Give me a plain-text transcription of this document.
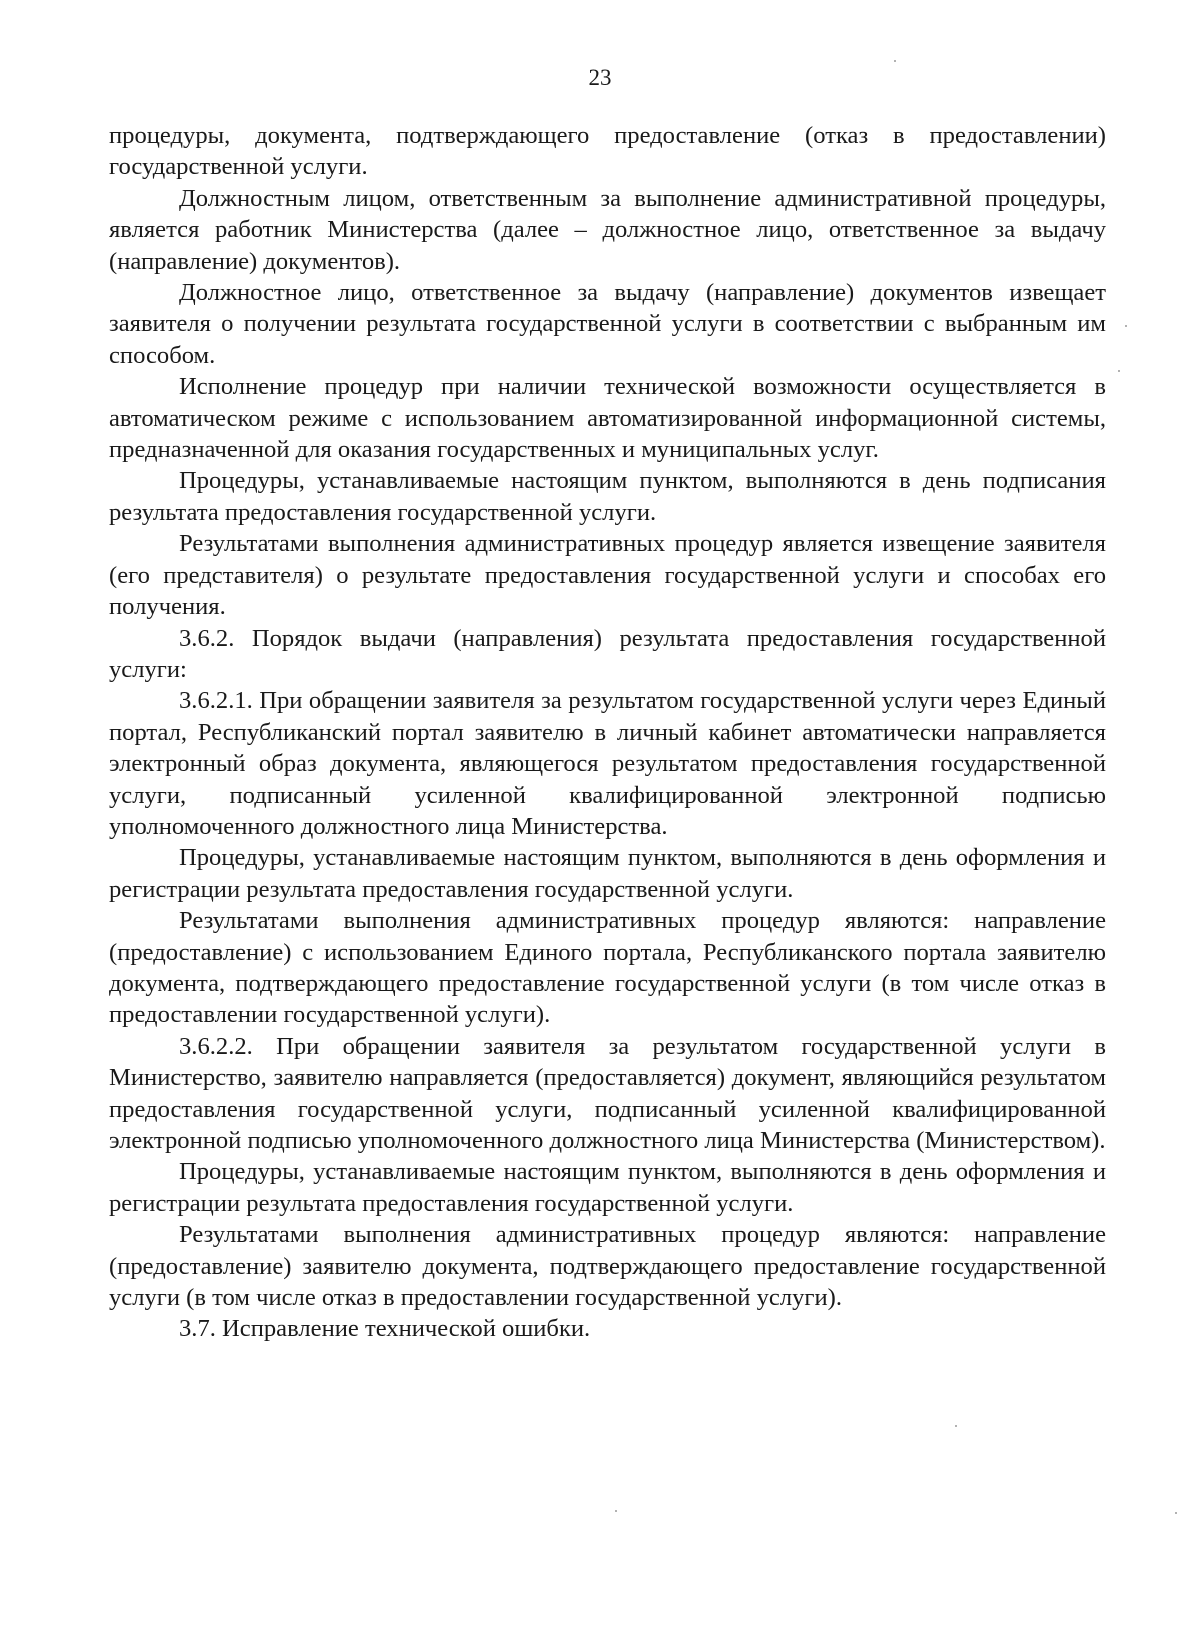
23

процедуры, документа, подтверждающего предоставление (отказ в предоставлении) государственной услуги.

Должностным лицом, ответственным за выполнение административной процедуры, является работник Министерства (далее – должностное лицо, ответственное за выдачу (направление) документов).

Должностное лицо, ответственное за выдачу (направление) документов извещает заявителя о получении результата государственной услуги в соответствии с выбранным им способом.

Исполнение процедур при наличии технической возможности осуществляется в автоматическом режиме с использованием автоматизированной информационной системы, предназначенной для оказания государственных и муниципальных услуг.

Процедуры, устанавливаемые настоящим пунктом, выполняются в день подписания результата предоставления государственной услуги.

Результатами выполнения административных процедур является извещение заявителя (его представителя) о результате предоставления государственной услуги и способах его получения.

3.6.2. Порядок выдачи (направления) результата предоставления государственной услуги:

3.6.2.1. При обращении заявителя за результатом государственной услуги через Единый портал, Республиканский портал заявителю в личный кабинет автоматически направляется электронный образ документа, являющегося результатом предоставления государственной услуги, подписанный усиленной квалифицированной электронной подписью уполномоченного должностного лица Министерства.

Процедуры, устанавливаемые настоящим пунктом, выполняются в день оформления и регистрации результата предоставления государственной услуги.

Результатами выполнения административных процедур являются: направление (предоставление) с использованием Единого портала, Республиканского портала заявителю документа, подтверждающего предоставление государственной услуги (в том числе отказ в предоставлении государственной услуги).

3.6.2.2. При обращении заявителя за результатом государственной услуги в Министерство, заявителю направляется (предоставляется) документ, являющийся результатом предоставления государственной услуги, подписанный усиленной квалифицированной электронной подписью уполномоченного должностного лица Министерства (Министерством).

Процедуры, устанавливаемые настоящим пунктом, выполняются в день оформления и регистрации результата предоставления государственной услуги.

Результатами выполнения административных процедур являются: направление (предоставление) заявителю документа, подтверждающего предоставление государственной услуги (в том числе отказ в предоставлении государственной услуги).

3.7. Исправление технической ошибки.
